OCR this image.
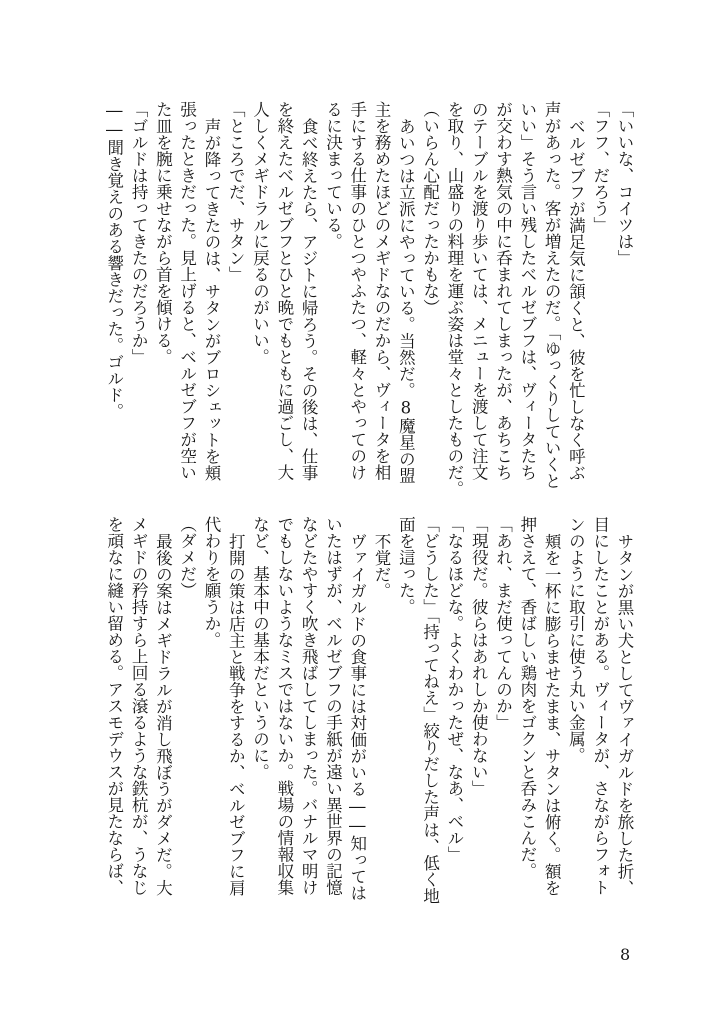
「いいな、コイツは」

「フフ、だろう」

ベルゼブフが満足気に頷くと、彼を忙しなく呼ぶ

声があった。客が増えたのだ。「ゆっくりしていくと

いい」そう言い残したベルゼブフは、ヴィータたち

が交わす熱気の中に呑まれてしまったが、あちこち

のテーブルを渡り歩いては、メニューを渡して注文

を取り、山盛りの料理を運ぶ姿は堂々としたものだ。

（いらん心配だったかもな）

あいつは立派にやっている。当然だ。8魔星の盟

主を務めたほどのメギドなのだから、ヴィータを相

手にする仕事のひとつやふたつ、軽々とやってのけ

るに決まっている。

食べ終えたら、アジトに帰ろう。その後は、仕事

を終えたベルゼブフとひと晩でもともに過ごし、大

人しくメギドラルに戻るのがいい。

「ところでだ、サタン」

声が降ってきたのは、サタンがブロシェットを頬

張ったときだった。見上げると、ベルゼブフが空い

た皿を腕に乗せながら首を傾ける。

「ゴルドは持ってきたのだろうか」

――聞き覚えのある響きだった。ゴルド。

サタンが黒い犬としてヴァイガルドを旅した折、

目にしたことがある。ヴィータが、さながらフォト

ンのように取引に使う丸い金属。

頬を一杯に膨らませたまま、サタンは俯く。額を

押さえて、香ばしい鶏肉をゴクンと呑みこんだ。

「あれ、まだ使ってんのか」

「現役だ。彼らはあれしか使わない」

「なるほどな。よくわかったぜ、なあ、ベル」

「どうした」「持ってねえ」絞りだした声は、低く地

面を這った。

不覚だ。

ヴァイガルドの食事には対価がいる――知っては

いたはずが、ベルゼブフの手紙が遠い異世界の記憶

などたやすく吹き飛ばしてしまった。バナルマ明け

でもしないようなミスではないか。戦場の情報収集

など、基本中の基本だというのに。

打開の策は店主と戦争をするか、ベルゼブフに肩

代わりを願うか。

（ダメだ）

最後の案はメギドラルが消し飛ぼうがダメだ。大

メギドの矜持すら上回る滾るような鉄杭が、うなじ

を頑なに縫い留める。アスモデウスが見たならば、

8
